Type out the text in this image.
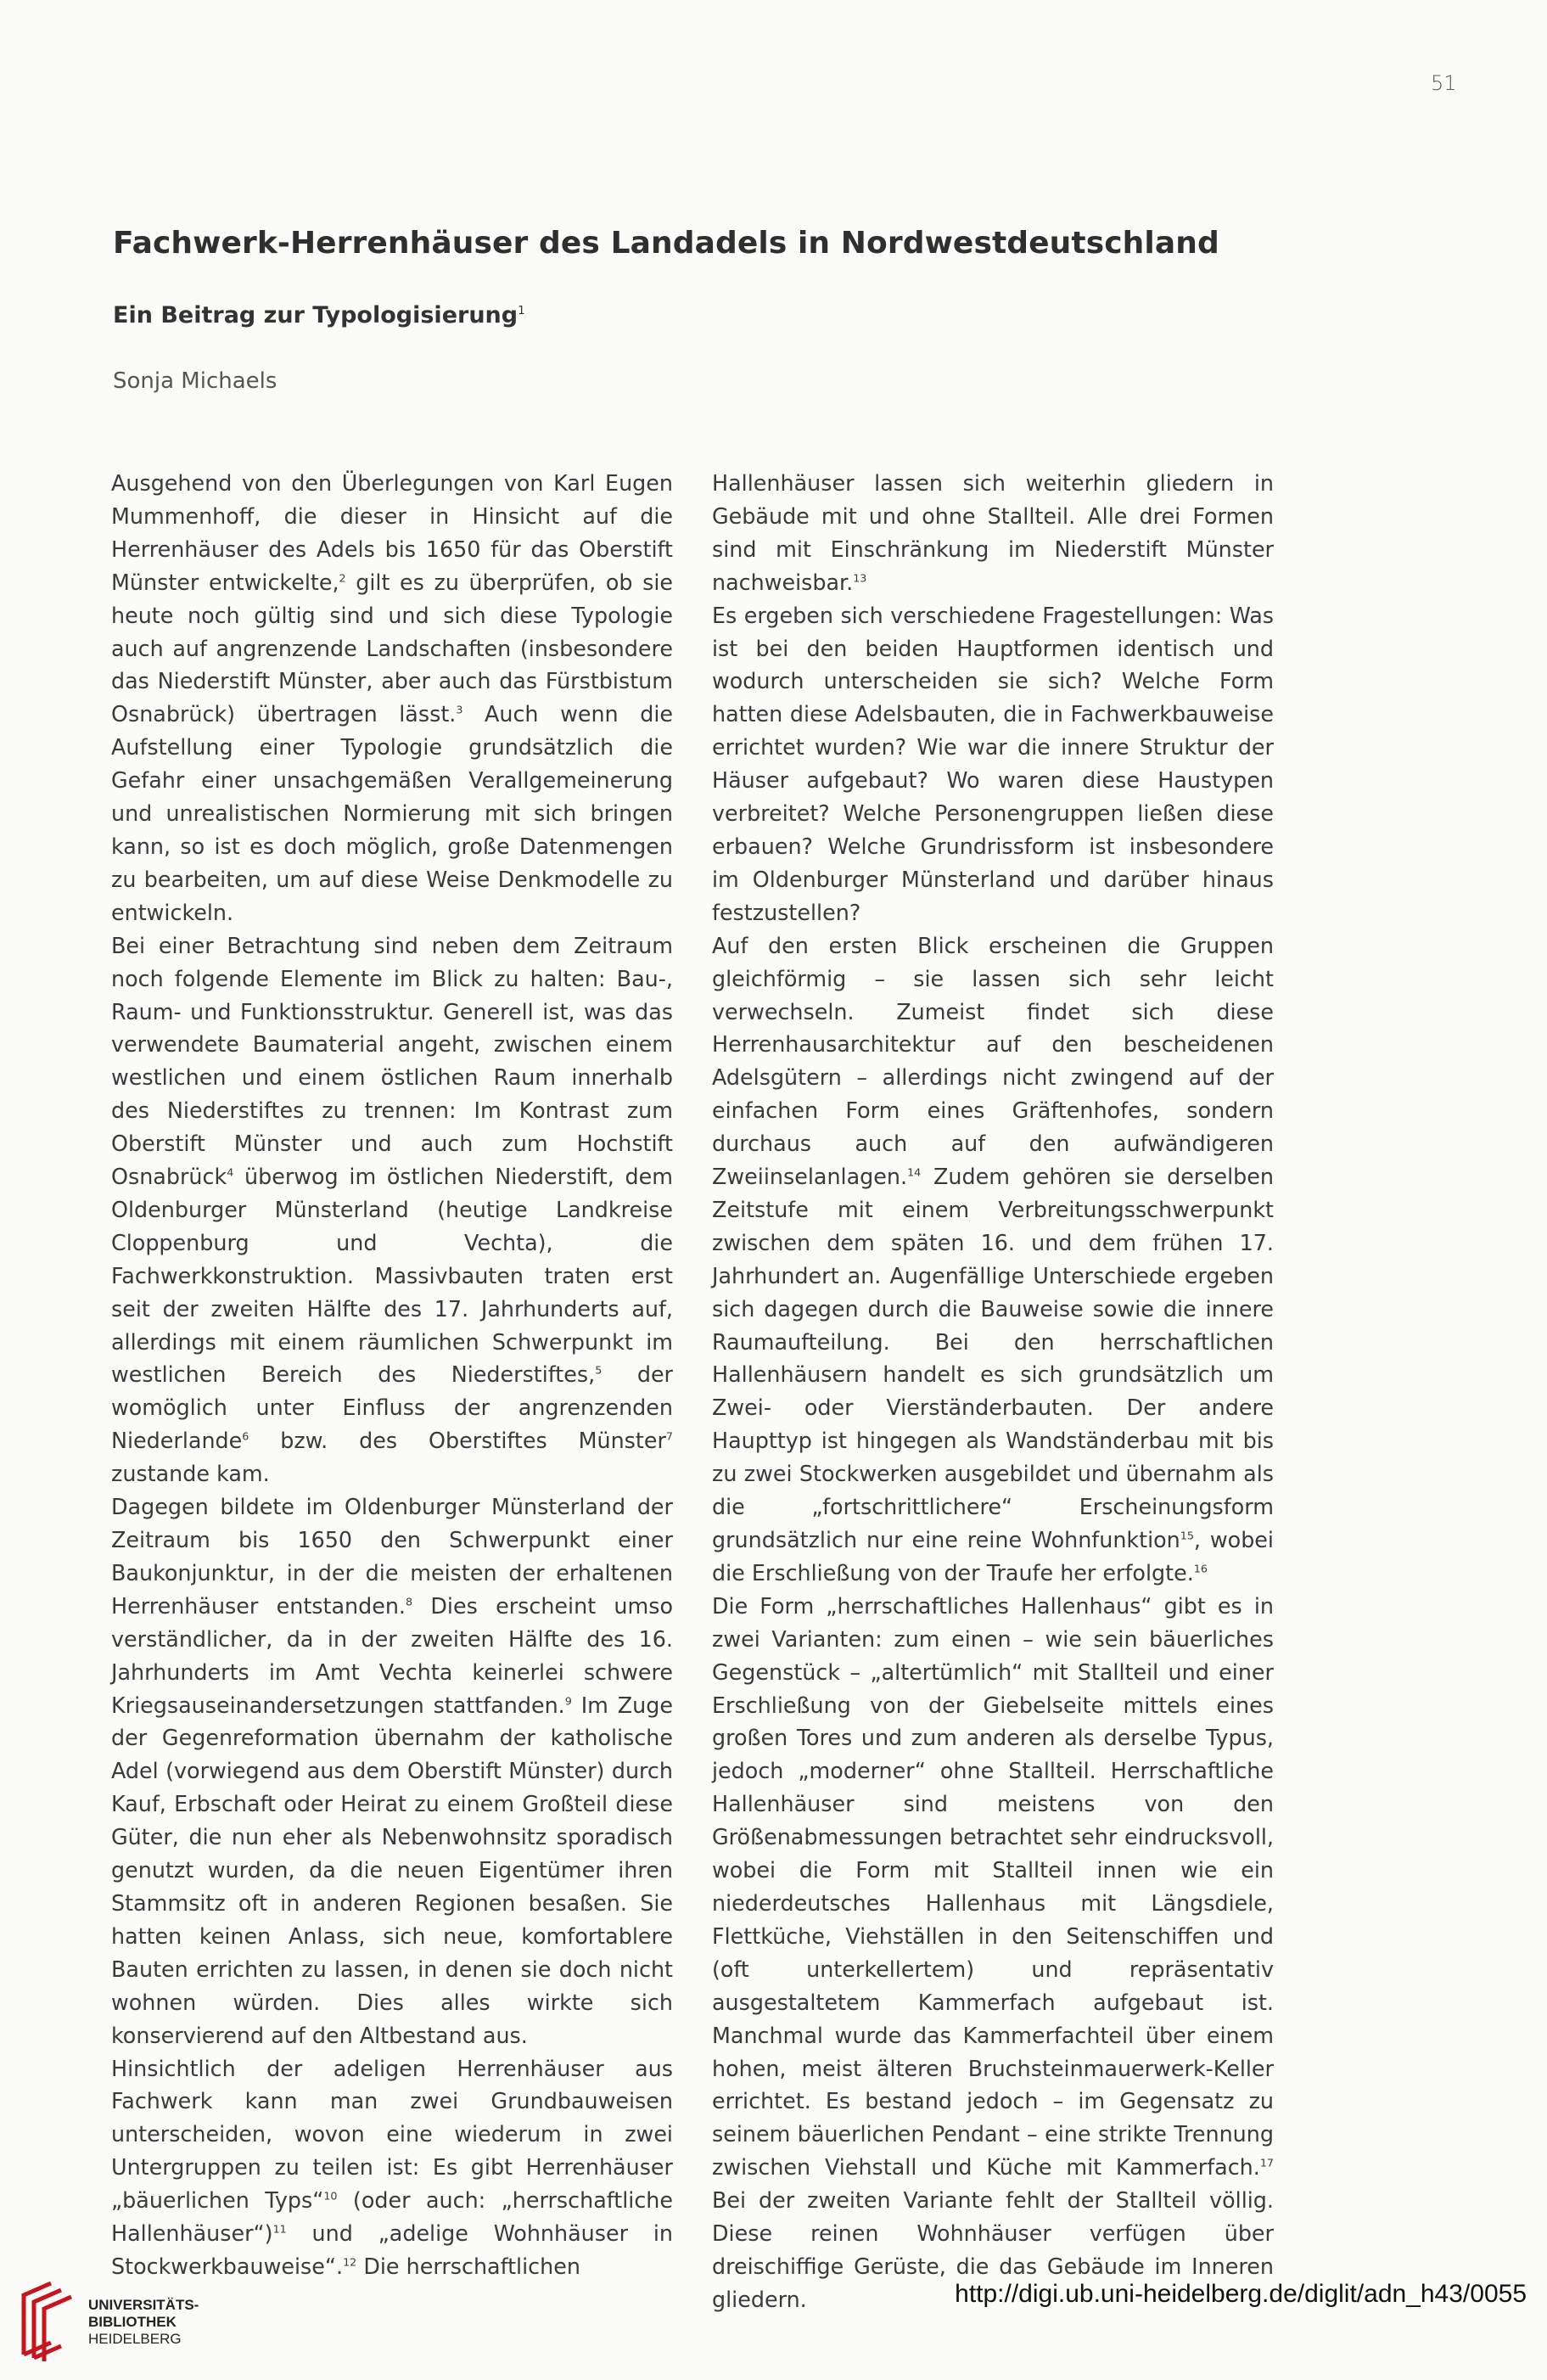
51
Fachwerk-Herrenhäuser des Landadels in Nordwestdeutschland
Ein Beitrag zur Typologisierung$^1$
Sonja Michaels

Ausgehend von den Überlegungen von Karl Eugen Mummenhoff, die dieser in Hinsicht auf die Herrenhäuser des Adels bis 1650 für das Oberstift Münster entwickelte,$^2$ gilt es zu überprüfen, ob sie heute noch gültig sind und sich diese Typologie auch auf angrenzende Landschaften (insbesondere das Niederstift Münster, aber auch das Fürstbistum Osnabrück) übertragen lässt.$^3$ Auch wenn die Aufstellung einer Typologie grundsätzlich die Gefahr einer unsachgemäßen Verallgemeinerung und unrealistischen Normierung mit sich bringen kann, so ist es doch möglich, große Datenmengen zu bearbeiten, um auf diese Weise Denkmodelle zu entwickeln.

Bei einer Betrachtung sind neben dem Zeitraum noch folgende Elemente im Blick zu halten: Bau-, Raum- und Funktionsstruktur. Generell ist, was das verwendete Baumaterial angeht, zwischen einem westlichen und einem östlichen Raum innerhalb des Niederstiftes zu trennen: Im Kontrast zum Oberstift Münster und auch zum Hochstift Osnabrück$^4$ überwog im östlichen Niederstift, dem Oldenburger Münsterland (heutige Landkreise Cloppenburg und Vechta), die Fachwerkkonstruktion. Massivbauten traten erst seit der zweiten Hälfte des 17. Jahrhunderts auf, allerdings mit einem räumlichen Schwerpunkt im westlichen Bereich des Niederstiftes,$^5$ der womöglich unter Einfluss der angrenzenden Niederlande$^6$ bzw. des Oberstiftes Münster$^7$ zustande kam.

Dagegen bildete im Oldenburger Münsterland der Zeitraum bis 1650 den Schwerpunkt einer Baukonjunktur, in der die meisten der erhaltenen Herrenhäuser entstanden.$^8$ Dies erscheint umso verständlicher, da in der zweiten Hälfte des 16. Jahrhunderts im Amt Vechta keinerlei schwere Kriegsauseinandersetzungen stattfanden.$^9$ Im Zuge der Gegenreformation übernahm der katholische Adel (vorwiegend aus dem Oberstift Münster) durch Kauf, Erbschaft oder Heirat zu einem Großteil diese Güter, die nun eher als Nebenwohnsitz sporadisch genutzt wurden, da die neuen Eigentümer ihren Stammsitz oft in anderen Regionen besaßen. Sie hatten keinen Anlass, sich neue, komfortablere Bauten errichten zu lassen, in denen sie doch nicht wohnen würden. Dies alles wirkte sich konservierend auf den Altbestand aus.

Hinsichtlich der adeligen Herrenhäuser aus Fachwerk kann man zwei Grundbauweisen unterscheiden, wovon eine wiederum in zwei Untergruppen zu teilen ist: Es gibt Herrenhäuser „bäuerlichen Typs“$^{10}$ (oder auch: „herrschaftliche Hallenhäuser“)$^{11}$ und „adelige Wohnhäuser in Stockwerkbauweise“.$^{12}$ Die herrschaftlichen

Hallenhäuser lassen sich weiterhin gliedern in Gebäude mit und ohne Stallteil. Alle drei Formen sind mit Einschränkung im Niederstift Münster nachweisbar.$^{13}$

Es ergeben sich verschiedene Fragestellungen: Was ist bei den beiden Hauptformen identisch und wodurch unterscheiden sie sich? Welche Form hatten diese Adelsbauten, die in Fachwerkbauweise errichtet wurden? Wie war die innere Struktur der Häuser aufgebaut? Wo waren diese Haustypen verbreitet? Welche Personengruppen ließen diese erbauen? Welche Grundrissform ist insbesondere im Oldenburger Münsterland und darüber hinaus festzustellen?

Auf den ersten Blick erscheinen die Gruppen gleichförmig – sie lassen sich sehr leicht verwechseln. Zumeist findet sich diese Herrenhausarchitektur auf den bescheidenen Adelsgütern – allerdings nicht zwingend auf der einfachen Form eines Gräftenhofes, sondern durchaus auch auf den aufwändigeren Zweiinselanlagen.$^{14}$ Zudem gehören sie derselben Zeitstufe mit einem Verbreitungsschwerpunkt zwischen dem späten 16. und dem frühen 17. Jahrhundert an. Augenfällige Unterschiede ergeben sich dagegen durch die Bauweise sowie die innere Raumaufteilung. Bei den herrschaftlichen Hallenhäusern handelt es sich grundsätzlich um Zwei- oder Vierständerbauten. Der andere Haupttyp ist hingegen als Wandständerbau mit bis zu zwei Stockwerken ausgebildet und übernahm als die „fortschrittlichere“ Erscheinungsform grundsätzlich nur eine reine Wohnfunktion$^{15}$, wobei die Erschließung von der Traufe her erfolgte.$^{16}$

Die Form „herrschaftliches Hallenhaus“ gibt es in zwei Varianten: zum einen – wie sein bäuerliches Gegenstück – „altertümlich“ mit Stallteil und einer Erschließung von der Giebelseite mittels eines großen Tores und zum anderen als derselbe Typus, jedoch „moderner“ ohne Stallteil. Herrschaftliche Hallenhäuser sind meistens von den Größenabmessungen betrachtet sehr eindrucksvoll, wobei die Form mit Stallteil innen wie ein niederdeutsches Hallenhaus mit Längsdiele, Flettküche, Viehställen in den Seitenschiffen und (oft unterkellertem) und repräsentativ ausgestaltetem Kammerfach aufgebaut ist. Manchmal wurde das Kammerfachteil über einem hohen, meist älteren Bruchsteinmauerwerk-Keller errichtet. Es bestand jedoch – im Gegensatz zu seinem bäuerlichen Pendant – eine strikte Trennung zwischen Viehstall und Küche mit Kammerfach.$^{17}$ Bei der zweiten Variante fehlt der Stallteil völlig. Diese reinen Wohnhäuser verfügen über dreischiffige Gerüste, die das Gebäude im Inneren gliedern.

UNIVERSITÄTS-
BIBLIOTHEK
HEIDELBERG
http://digi.ub.uni-heidelberg.de/diglit/adn_h43/0055
